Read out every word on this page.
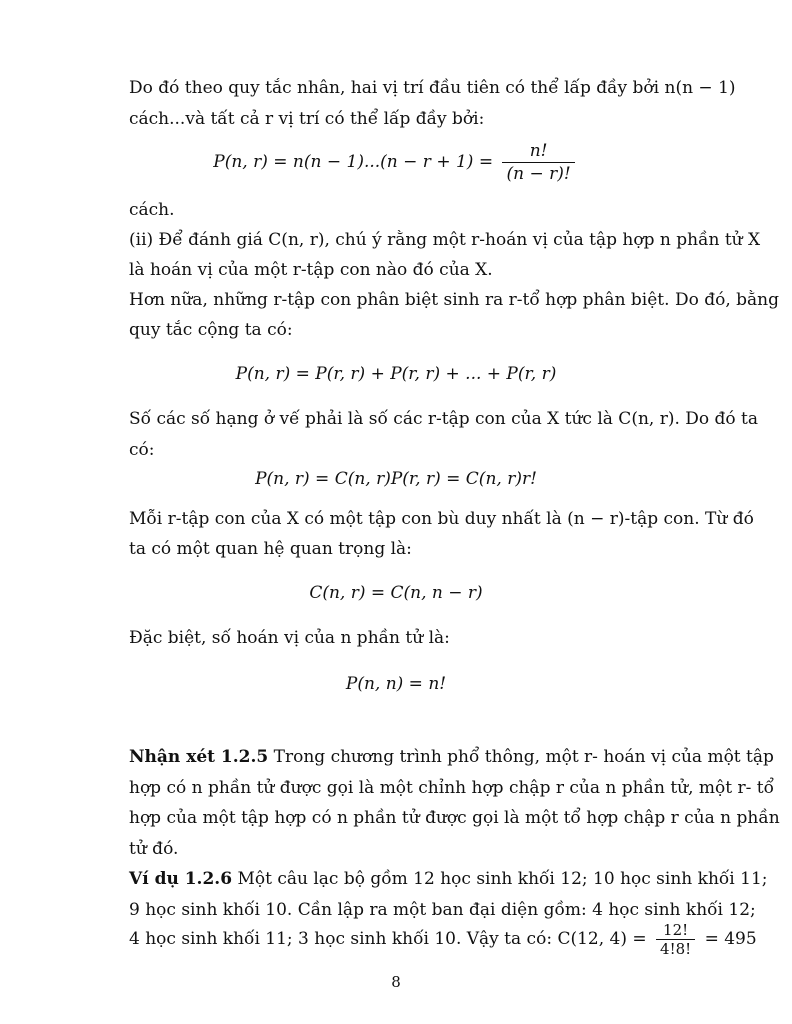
Do đó theo quy tắc nhân, hai vị trí đầu tiên có thể lấp đầy bởi n(n − 1)
cách...và tất cả r vị trí có thể lấp đầy bởi:
P(n, $r) = n(n - 1)...(n - r + 1) = \frac{n!}{(n - r)!}$
cách.
(ii) Để đánh giá C(n, r), chú ý rằng một r-hoán vị của tập hợp n phần tử X
là hoán vị của một r-tập con nào đó của X.
Hơn nữa, những r-tập con phân biệt sinh ra r-tổ hợp phân biệt. Do đó, bằng
quy tắc cộng ta có:
P(n, r) = P(r, r) + P(r, r) + ... + P(r, r)
Số các số hạng ở vế phải là số các r-tập con của X tức là C(n, r). Do đó ta
có:
P(n, r) = C(n, r)P(r, r) = C(n, r)r!
Mỗi r-tập con của X có một tập con bù duy nhất là (n − r)-tập con. Từ đó
ta có một quan hệ quan trọng là:
C(n, r) = C(n, n − r)
Đặc biệt, số hoán vị của n phần tử là:
P(n, n) = n!
Nhận xét 1.2.5 Trong chương trình phổ thông, một r- hoán vị của một tập
hợp có n phần tử được gọi là một chỉnh hợp chập r của n phần tử, một r- tổ
hợp của một tập hợp có n phần tử được gọi là một tổ hợp chập r của n phần
tử đó.
Ví dụ 1.2.6 Một câu lạc bộ gồm 12 học sinh khối 12; 10 học sinh khối 11;
9 học sinh khối 10. Cần lập ra một ban đại diện gồm: 4 học sinh khối 12;
4 học sinh khối 11; 3 học sinh khối 10. Vậy ta có: C(12, $4) = \frac{12!}{4!8!} = 495$
8
